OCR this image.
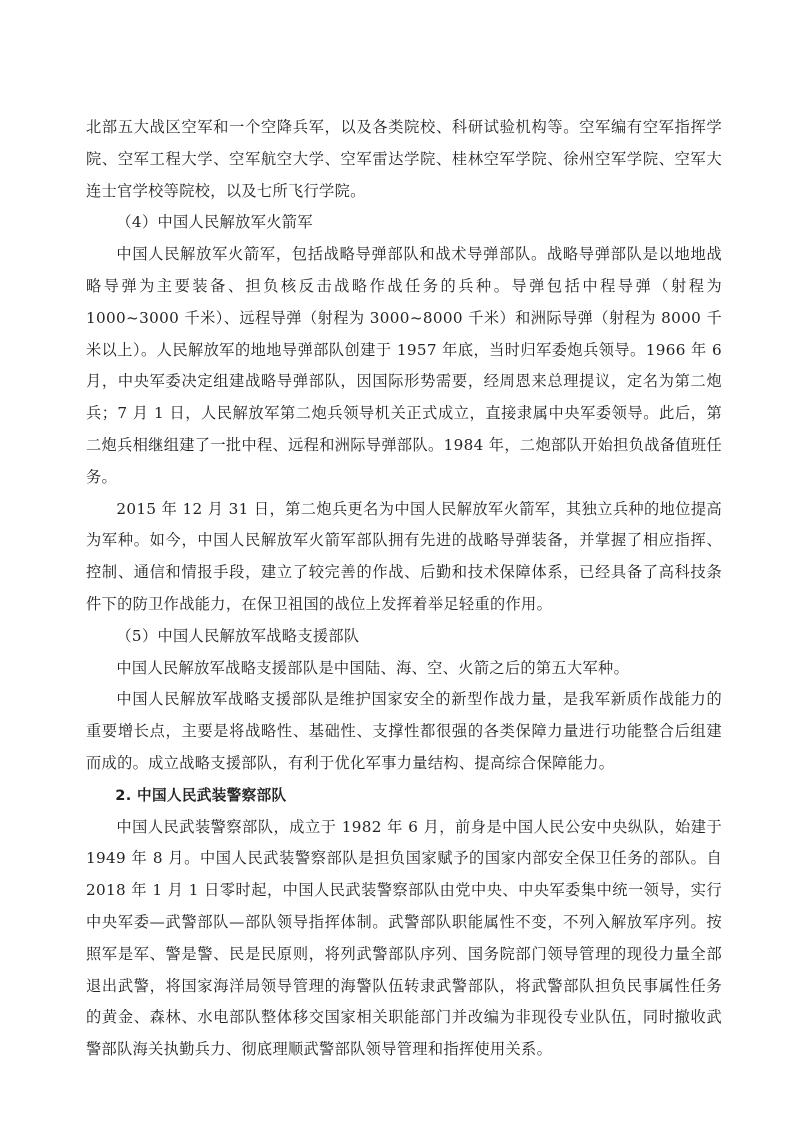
北部五大战区空军和一个空降兵军，以及各类院校、科研试验机构等。空军编有空军指挥学院、空军工程大学、空军航空大学、空军雷达学院、桂林空军学院、徐州空军学院、空军大连士官学校等院校，以及七所飞行学院。

（4）中国人民解放军火箭军

中国人民解放军火箭军，包括战略导弹部队和战术导弹部队。战略导弹部队是以地地战略导弹为主要装备、担负核反击战略作战任务的兵种。导弹包括中程导弹（射程为 1000~3000 千米）、远程导弹（射程为 3000~8000 千米）和洲际导弹（射程为 8000 千米以上）。人民解放军的地地导弹部队创建于 1957 年底，当时归军委炮兵领导。1966 年 6 月，中央军委决定组建战略导弹部队，因国际形势需要，经周恩来总理提议，定名为第二炮兵；7 月 1 日，人民解放军第二炮兵领导机关正式成立，直接隶属中央军委领导。此后，第二炮兵相继组建了一批中程、远程和洲际导弹部队。1984 年，二炮部队开始担负战备值班任务。

2015 年 12 月 31 日，第二炮兵更名为中国人民解放军火箭军，其独立兵种的地位提高为军种。如今，中国人民解放军火箭军部队拥有先进的战略导弹装备，并掌握了相应指挥、控制、通信和情报手段，建立了较完善的作战、后勤和技术保障体系，已经具备了高科技条件下的防卫作战能力，在保卫祖国的战位上发挥着举足轻重的作用。

（5）中国人民解放军战略支援部队

中国人民解放军战略支援部队是中国陆、海、空、火箭之后的第五大军种。

中国人民解放军战略支援部队是维护国家安全的新型作战力量，是我军新质作战能力的重要增长点，主要是将战略性、基础性、支撑性都很强的各类保障力量进行功能整合后组建而成的。成立战略支援部队，有利于优化军事力量结构、提高综合保障能力。

2. 中国人民武装警察部队

中国人民武装警察部队，成立于 1982 年 6 月，前身是中国人民公安中央纵队，始建于 1949 年 8 月。中国人民武装警察部队是担负国家赋予的国家内部安全保卫任务的部队。自 2018 年 1 月 1 日零时起，中国人民武装警察部队由党中央、中央军委集中统一领导，实行中央军委—武警部队—部队领导指挥体制。武警部队职能属性不变，不列入解放军序列。按照军是军、警是警、民是民原则，将列武警部队序列、国务院部门领导管理的现役力量全部退出武警，将国家海洋局领导管理的海警队伍转隶武警部队，将武警部队担负民事属性任务的黄金、森林、水电部队整体移交国家相关职能部门并改编为非现役专业队伍，同时撤收武警部队海关执勤兵力、彻底理顺武警部队领导管理和指挥使用关系。
